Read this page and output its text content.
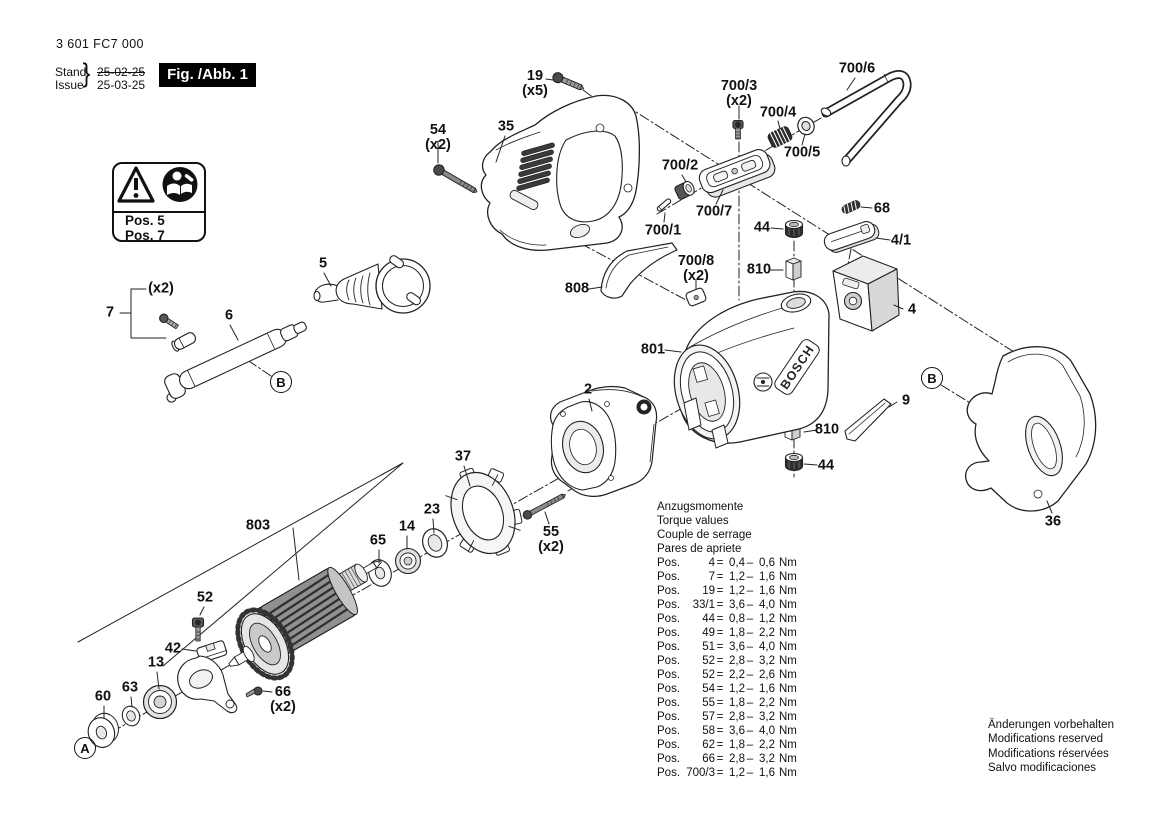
BOSCH
3 601 FC7 000
Stand
Issue
} 25-02-25
25-03-25
Fig. /Abb. 1
Pos. 5
Pos. 7
19
(x5)
54
(x2)
35
700/3
(x2)
700/4
700/6
700/5
700/2
700/7
700/1
68
44
4/1
700/8
(x2)	810
808
801
4
5
(x2)
7	6
2
9
810
44
36
37
23
14
65
803	55
(x2)
52
42
13
63
60	66
(x2)
A
B	B
Anzugsmomente
Torque values
Couple de serrage
Pares de apriete
Pos.	4 = 0,4 – 0,6 Nm
Pos.	7 = 1,2 – 1,6 Nm
Pos.	19 = 1,2 – 1,6 Nm
Pos.	33/1 = 3,6 – 4,0 Nm
Pos.	44 = 0,8 – 1,2 Nm
Pos.	49 = 1,8 – 2,2 Nm
Pos.	51 = 3,6 – 4,0 Nm
Pos.	52 = 2,8 – 3,2 Nm
Pos.	52 = 2,2 – 2,6 Nm
Pos.	54 = 1,2 – 1,6 Nm
Pos.	55 = 1,8 – 2,2 Nm
Pos.	57 = 2,8 – 3,2 Nm
Pos.	58 = 3,6 – 4,0 Nm
Pos.	62 = 1,8 – 2,2 Nm
Pos.	66 = 2,8 – 3,2 Nm
Pos. 700/3 = 1,2 – 1,6 Nm
Änderungen vorbehalten
Modifications reserved
Modifications réservées
Salvo modificaciones
